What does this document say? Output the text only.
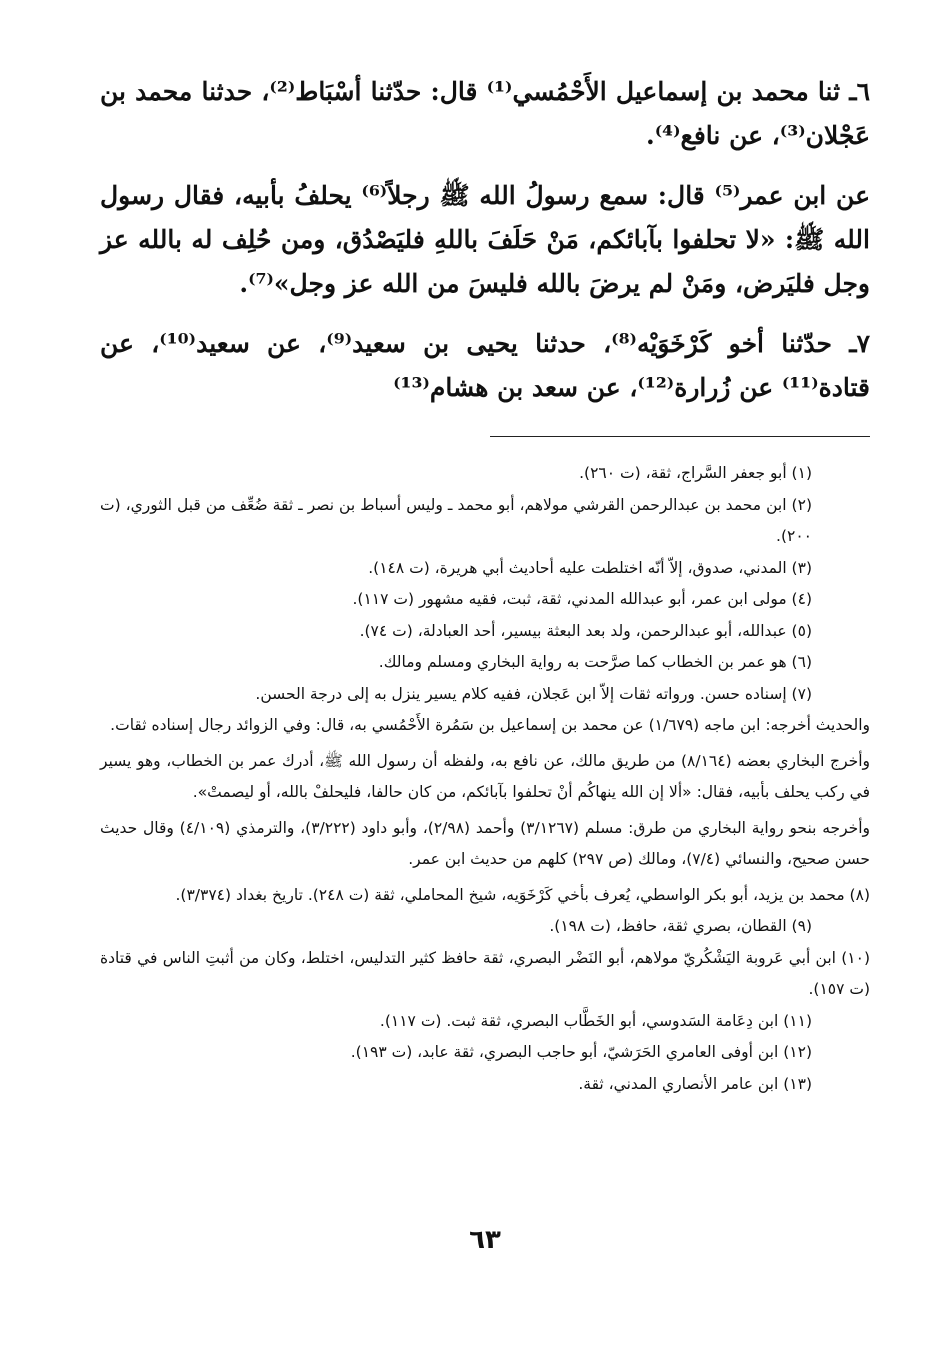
٦ـ ثنا محمد بن إسماعيل الأَحْمُسي⁽¹⁾ قال: حدّثنا أسْبَاط⁽²⁾، حدثنا محمد بن عَجْلان⁽³⁾، عن نافع⁽⁴⁾.

عن ابن عمر⁽⁵⁾ قال: سمع رسولُ الله ﷺ رجلاً⁽⁶⁾ يحلفُ بأبيه، فقال رسول الله ﷺ: «لا تحلفوا بآبائكم، مَنْ حَلَفَ باللهِ فليَصْدُق، ومن حُلِف له بالله عز وجل فليَرض، ومَنْ لم يرضَ بالله فليسَ من الله عز وجل»⁽⁷⁾.

٧ـ حدّثنا أخو كَرْخَوَيْه⁽⁸⁾، حدثنا يحيى بن سعيد⁽⁹⁾، عن سعيد⁽¹⁰⁾، عن قتادة⁽¹¹⁾ عن زُرارة⁽¹²⁾، عن سعد بن هشام⁽¹³⁾

(١) أبو جعفر السَّراج، ثقة، (ت ٢٦٠).

(٢) ابن محمد بن عبدالرحمن القرشي مولاهم، أبو محمد ـ وليس أسباط بن نصر ـ ثقة ضُعِّف من قبل الثوري، (ت ٢٠٠).

(٣) المدني، صدوق، إلاّ أنّه اختلطت عليه أحاديث أبي هريرة، (ت ١٤٨).

(٤) مولى ابن عمر، أبو عبدالله المدني، ثقة، ثبت، فقيه مشهور (ت ١١٧).

(٥) عبدالله، أبو عبدالرحمن، ولد بعد البعثة بيسير، أحد العبادلة، (ت ٧٤).

(٦) هو عمر بن الخطاب كما صرَّحت به رواية البخاري ومسلم ومالك.

(٧) إسناده حسن. ورواته ثقات إلاّ ابن عَجلان، ففيه كلام يسير ينزل به إلى درجة الحسن.

والحديث أخرجه: ابن ماجه (١/٦٧٩) عن محمد بن إسماعيل بن سَمُرة الأَحْمُسي به، قال: وفي الزوائد رجال إسناده ثقات.

وأخرج البخاري بعضه (٨/١٦٤) من طريق مالك، عن نافع به، ولفظه أن رسول الله ﷺ، أدرك عمر بن الخطاب، وهو يسير في ركب يحلف بأبيه، فقال: «ألا إن الله ينهاكُم أنْ تحلفوا بآبائكم، من كان حالفا، فليحلفْ بالله، أو ليصمتْ».

وأخرجه بنحو رواية البخاري من طرق: مسلم (٣/١٢٦٧) وأحمد (٢/٩٨)، وأبو داود (٣/٢٢٢)، والترمذي (٤/١٠٩) وقال حديث حسن صحيح، والنسائي (٧/٤)، ومالك (ص ٢٩٧) كلهم من حديث ابن عمر.

(٨) محمد بن يزيد، أبو بكر الواسطي، يُعرف بأخي كَرْخَوَيه، شيخ المحاملي، ثقة (ت ٢٤٨). تاريخ بغداد (٣/٣٧٤).

(٩) القطان، بصري ثقة، حافظ، (ت ١٩٨).

(١٠) ابن أبي عَروبة اليَشْكُريّ مولاهم، أبو النَضْر البصري، ثقة حافظ كثير التدليس، اختلط، وكان من أثبتِ الناس في قتادة (ت ١٥٧).

(١١) ابن دِعَامة السَدوسي، أبو الخَطَّاب البصري، ثقة ثبت. (ت ١١٧).

(١٢) ابن أوفى العامري الحَرَشيّ، أبو حاجب البصري، ثقة عابد، (ت ١٩٣).

(١٣) ابن عامر الأنصاري المدني، ثقة.

٦٣
